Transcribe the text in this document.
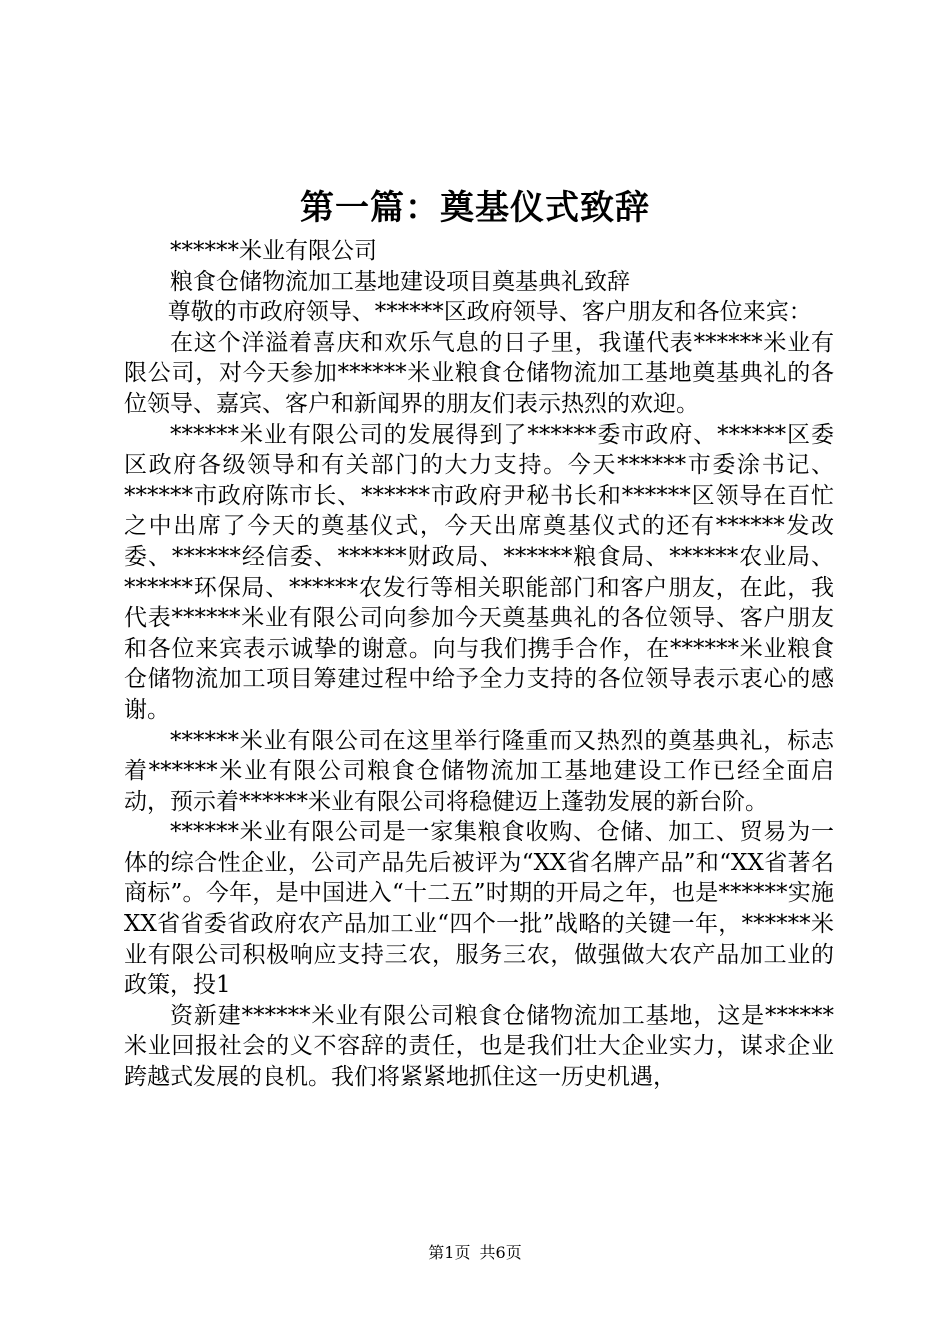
第一篇：奠基仪式致辞

******米业有限公司

粮食仓储物流加工基地建设项目奠基典礼致辞

尊敬的市政府领导、******区政府领导、客户朋友和各位来宾：

在这个洋溢着喜庆和欢乐气息的日子里，我谨代表******米业有限公司，对今天参加******米业粮食仓储物流加工基地奠基典礼的各位领导、嘉宾、客户和新闻界的朋友们表示热烈的欢迎。

******米业有限公司的发展得到了******委市政府、******区委区政府各级领导和有关部门的大力支持。今天******市委涂书记、******市政府陈市长、******市政府尹秘书长和******区领导在百忙之中出席了今天的奠基仪式，今天出席奠基仪式的还有******发改委、******经信委、******财政局、******粮食局、******农业局、******环保局、******农发行等相关职能部门和客户朋友，在此，我代表******米业有限公司向参加今天奠基典礼的各位领导、客户朋友和各位来宾表示诚挚的谢意。向与我们携手合作，在******米业粮食仓储物流加工项目筹建过程中给予全力支持的各位领导表示衷心的感谢。

******米业有限公司在这里举行隆重而又热烈的奠基典礼，标志着******米业有限公司粮食仓储物流加工基地建设工作已经全面启动，预示着******米业有限公司将稳健迈上蓬勃发展的新台阶。

******米业有限公司是一家集粮食收购、仓储、加工、贸易为一体的综合性企业，公司产品先后被评为“XX省名牌产品”和“XX省著名商标”。今年，是中国进入“十二五”时期的开局之年，也是******实施XX省省委省政府农产品加工业“四个一批”战略的关键一年，******米业有限公司积极响应支持三农，服务三农，做强做大农产品加工业的政策，投1

资新建******米业有限公司粮食仓储物流加工基地，这是******米业回报社会的义不容辞的责任，也是我们壮大企业实力，谋求企业跨越式发展的良机。我们将紧紧地抓住这一历史机遇，

第1页 共6页
